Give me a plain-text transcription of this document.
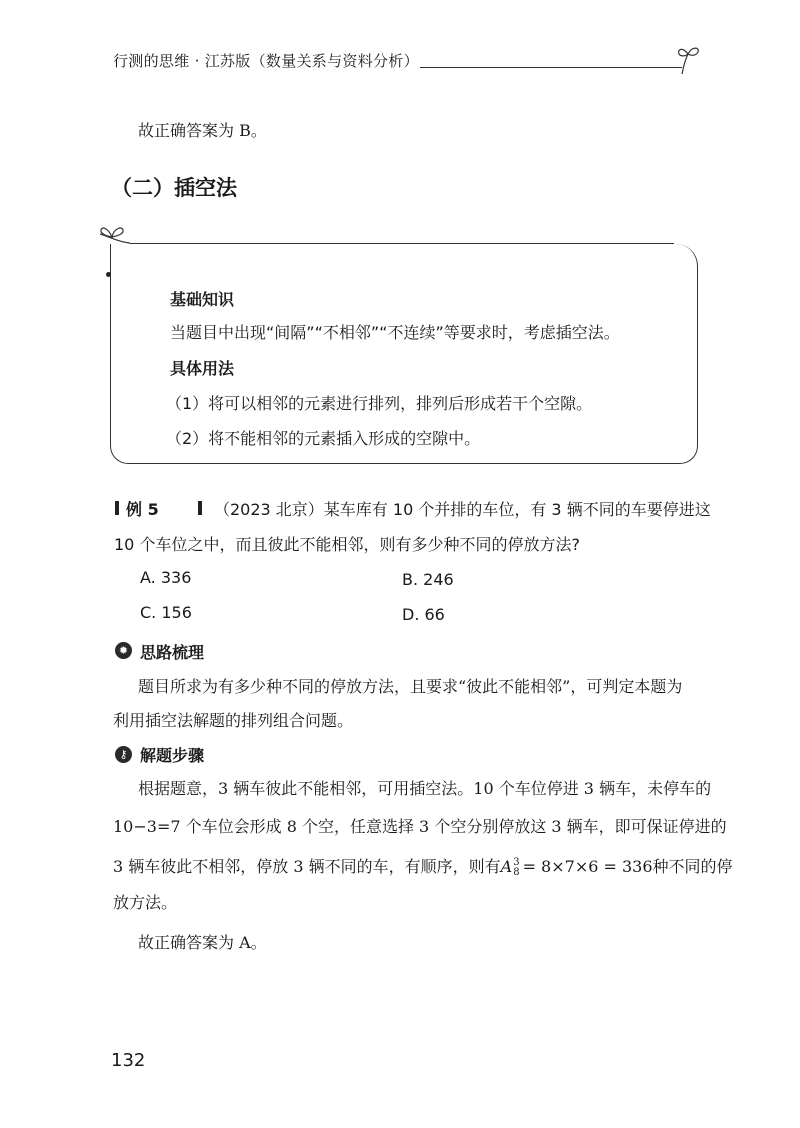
行测的思维 · 江苏版（数量关系与资料分析）
故正确答案为 B。
（二）插空法
基础知识
当题目中出现“间隔”“不相邻”“不连续”等要求时，考虑插空法。
具体用法
（1）将可以相邻的元素进行排列，排列后形成若干个空隙。
（2）将不能相邻的元素插入形成的空隙中。
例 5	（2023 北京）某车库有 10 个并排的车位，有 3 辆不同的车要停进这
10 个车位之中，而且彼此不能相邻，则有多少种不同的停放方法?
A. 336	B. 246
C. 156	D. 66
✹ 思路梳理
题目所求为有多少种不同的停放方法，且要求“彼此不能相邻”，可判定本题为
利用插空法解题的排列组合问题。
⚷ 解题步骤
根据题意，3 辆车彼此不能相邻，可用插空法。10 个车位停进 3 辆车，未停车的
10−3=7 个车位会形成 8 个空，任意选择 3 个空分别停放这 3 辆车，即可保证停进的
3 辆车彼此不相邻，停放 3 辆不同的车，有顺序，则有A 3
8 = 8×7×6 = 336种不同的停
放方法。
故正确答案为 A。
132
